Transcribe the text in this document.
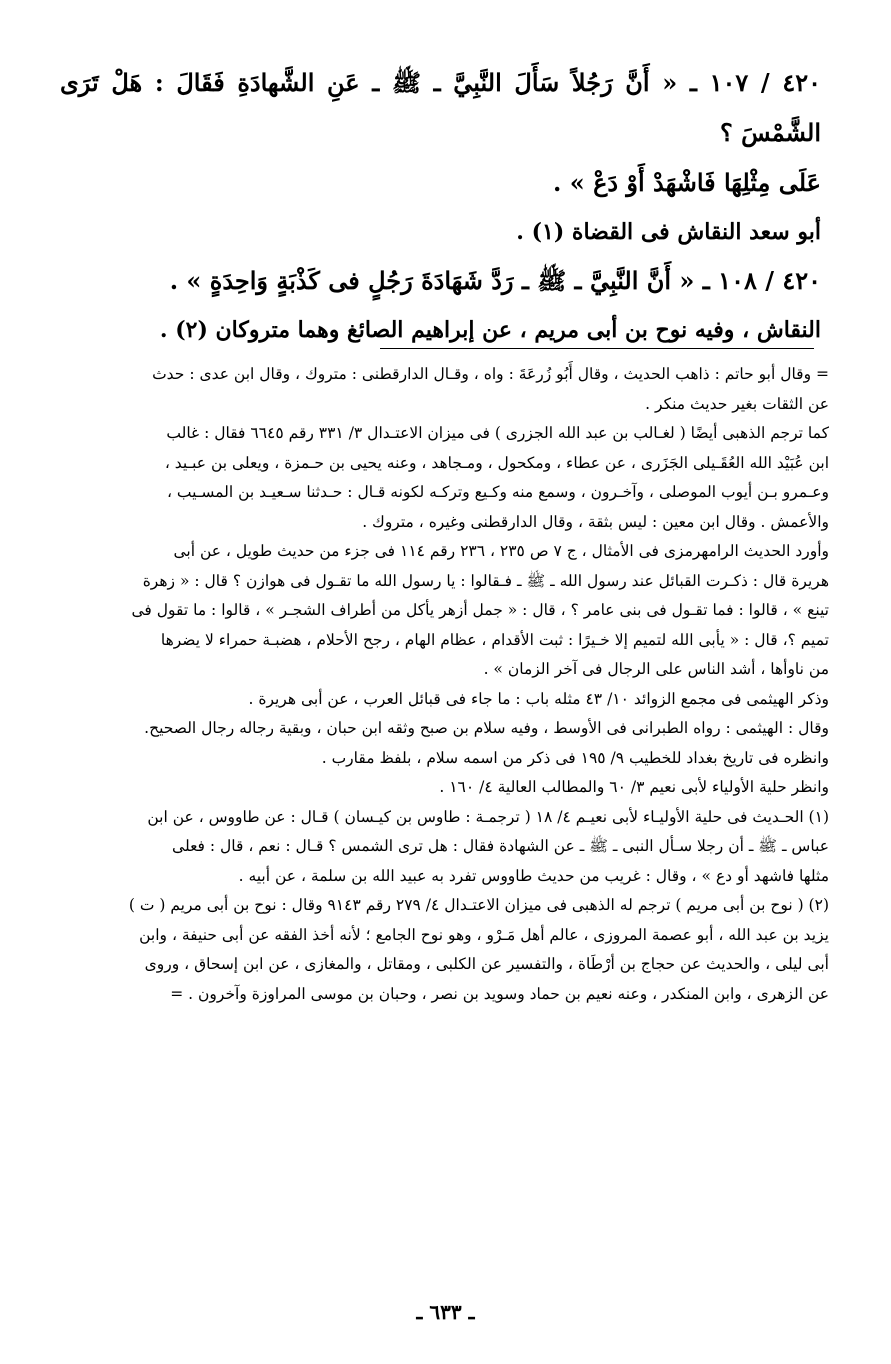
٤٢٠ / ١٠٧ ـ « أَنَّ رَجُلاً سَأَلَ النَّبِيَّ ـ ﷺ ـ عَنِ الشَّهادَةِ فَقَالَ : هَلْ تَرَى الشَّمْسَ ؟

عَلَى مِثْلِهَا فَاشْهَدْ أَوْ دَعْ » .

أبو سعد النقاش فى القضاة (١) .

٤٢٠ / ١٠٨ ـ « أَنَّ النَّبِيَّ ـ ﷺ ـ رَدَّ شَهَادَةَ رَجُلٍ فى كَذْبَةٍ وَاحِدَةٍ » .

النقاش ، وفيه نوح بن أبى مريم ، عن إبراهيم الصائغ وهما متروكان (٢) .

= وقال أبو حاتم : ذاهب الحديث ، وقال أَبُو زُرعَةَ : واه ، وقـال الدارقطنى : متروك ، وقال ابن عدى : حدث

عن الثقات بغير حديث منكر .

كما ترجم الذهبى أيضًا ( لغـالب بن عبد الله الجزرى ) فى ميزان الاعتـدال ٣/ ٣٣١ رقم ٦٦٤٥ فقال : غالب

ابن عُبَيْد الله العُقَـيلى الجَزَرى ، عن عطاء ، ومكحول ، ومـجاهد ، وعنه يحيى بن حـمزة ، ويعلى بن عبـيد ،

وعـمرو بـن أيوب الموصلى ، وآخـرون ، وسمع منه وكـيع وتركـه لكونه قـال : حـدثنا سـعيـد بن المسـيب ،

والأعمش . وقال ابن معين : ليس بثقة ، وقال الدارقطنى وغيره ، متروك .

وأورد الحديث الرامهرمزى فى الأمثال ، ج ٧ ص ٢٣٥ ، ٢٣٦ رقم ١١٤ فى جزء من حديث طويل ، عن أبى

هريرة قال : ذكـرت القبائل عند رسول الله ـ ﷺ ـ فـقالوا : يا رسول الله ما تقـول فى هوازن ؟ قال : « زهرة

تينع » ، قالوا : فما تقـول فى بنى عامر ؟ ، قال : « جمل أزهر يأكل من أطراف الشجـر » ، قالوا : ما تقول فى

تميم ؟، قال : « يأبى الله لتميم إلا خـيرًا : ثبت الأقدام ، عظام الهام ، رجح الأحلام ، هضبـة حمراء لا يضرها

من ناوأها ، أشد الناس على الرجال فى آخر الزمان » .

وذكر الهيثمى فى مجمع الزوائد ١٠/ ٤٣ مثله باب : ما جاء فى قبائل العرب ، عن أبى هريرة .

وقال : الهيثمى : رواه الطبرانى فى الأوسط ، وفيه سلام بن صبح وثقه ابن حبان ، وبقية رجاله رجال الصحيح.

وانظره فى تاريخ بغداد للخطيب ٩/ ١٩٥ فى ذكر من اسمه سلام ، بلفظ مقارب .

وانظر حلية الأولياء لأبى نعيم ٣/ ٦٠ والمطالب العالية ٤/ ١٦٠ .

(١) الحـديث فى حلية الأوليـاء لأبى نعيـم ٤/ ١٨ ( ترجمـة : طاوس بن كيـسان ) قـال : عن طاووس ، عن ابن

عباس ـ ﷺ ـ أن رجلا سـأل النبى ـ ﷺ ـ عن الشهادة فقال : هل ترى الشمس ؟ قـال : نعم ، قال : فعلى

مثلها فاشهد أو دع » ، وقال : غريب من حديث طاووس تفرد به عبيد الله بن سلمة ، عن أبيه .

(٢) ( نوح بن أبى مريم ) ترجم له الذهبى فى ميزان الاعتـدال ٤/ ٢٧٩ رقم ٩١٤٣ وقال : نوح بن أبى مريم ( ت )

يزيد بن عبد الله ، أبو عصمة المروزى ، عالم أهل مَـرْو ، وهو نوح الجامع ؛ لأنه أخذ الفقه عن أبى حنيفة ، وابن

أبى ليلى ، والحديث عن حجاج بن أرْطَاة ، والتفسير عن الكلبى ، ومقاتل ، والمغازى ، عن ابن إسحاق ، وروى

عن الزهرى ، وابن المنكدر ، وعنه نعيم بن حماد وسويد بن نصر ، وحبان بن موسى المراوزة وآخرون . =

ـ ٦٣٣ ـ
